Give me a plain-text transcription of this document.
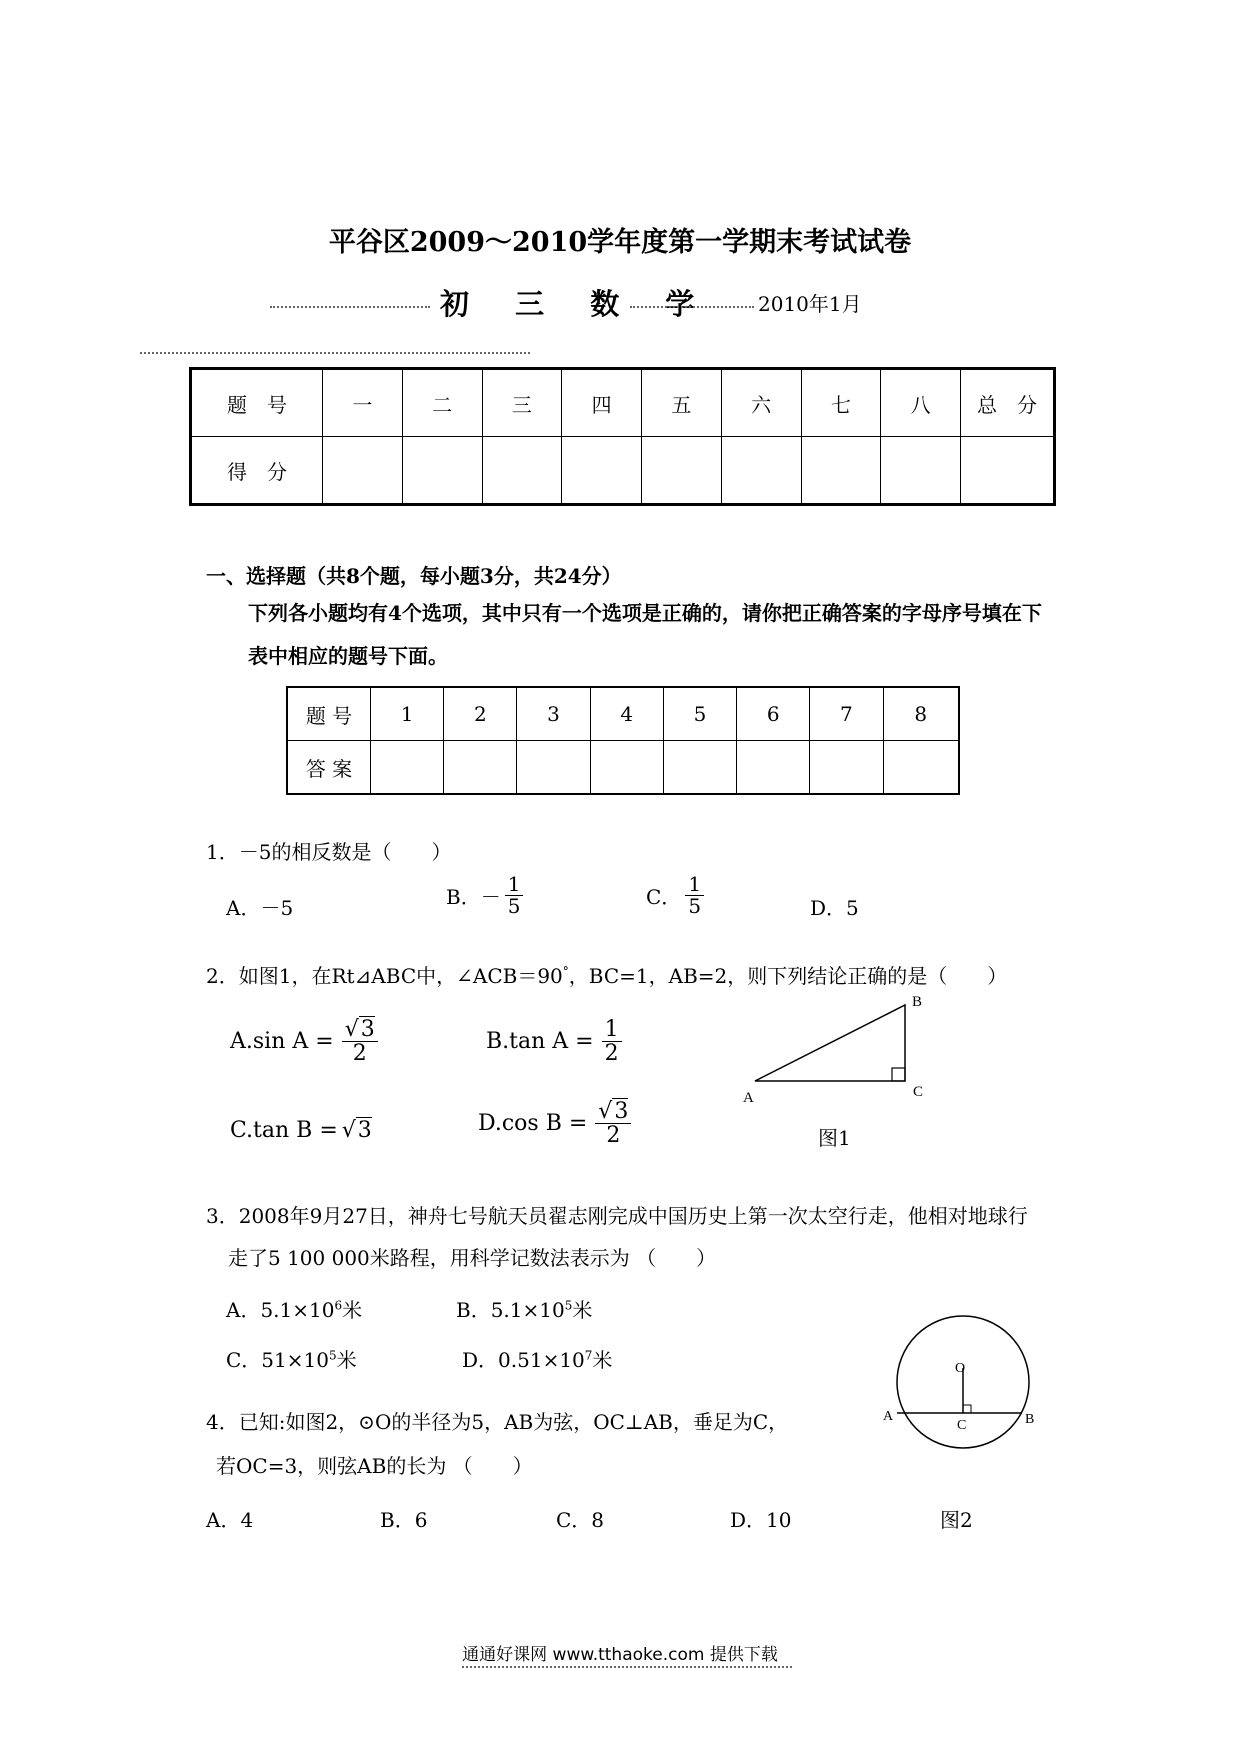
平谷区2009～2010学年度第一学期末考试试卷
初 三 数 学 2010年1月
题　号	一	二	三	四	五	六	七	八	总　分
得　分									
一、选择题（共8个题，每小题3分，共24分）
下列各小题均有4个选项，其中只有一个选项是正确的，请你把正确答案的字母序号填在下
表中相应的题号下面。
题 号	1	2	3	4	5	6	7	8
答 案								
1．－5的相反数是（　　）
A．－5	B．－ $\frac{1}{5}$	C． $\frac{1}{5}$	D．5
2．如图1，在Rt⊿ABC中，∠ACB＝90°，BC=1，AB=2，则下列结论正确的是（　　）
A.sin $A = \frac{√3}{2}$	B.tan $A = \frac{1}{2}$
C.tan B = √3	D.cos $B = \frac{√3}{2}$
B
A	C
图1
3．2008年9月27日，神舟七号航天员翟志刚完成中国历史上第一次太空行走，他相对地球行
走了5 100 000米路程，用科学记数法表示为 （　　）
A．$5.1\times 10^6$米	B．$5.1\times 10^5$米
C．$51\times 10^5$米	D．$0.51\times 10^7$米	O
A	B
C
4．已知:如图2，⊙O的半径为5，AB为弦，OC⊥AB，垂足为C，
若OC=3，则弦AB的长为 （　　）
A．4	B．6	C．8	D．10	图2
通通好课网 www.tthaoke.com 提供下载
